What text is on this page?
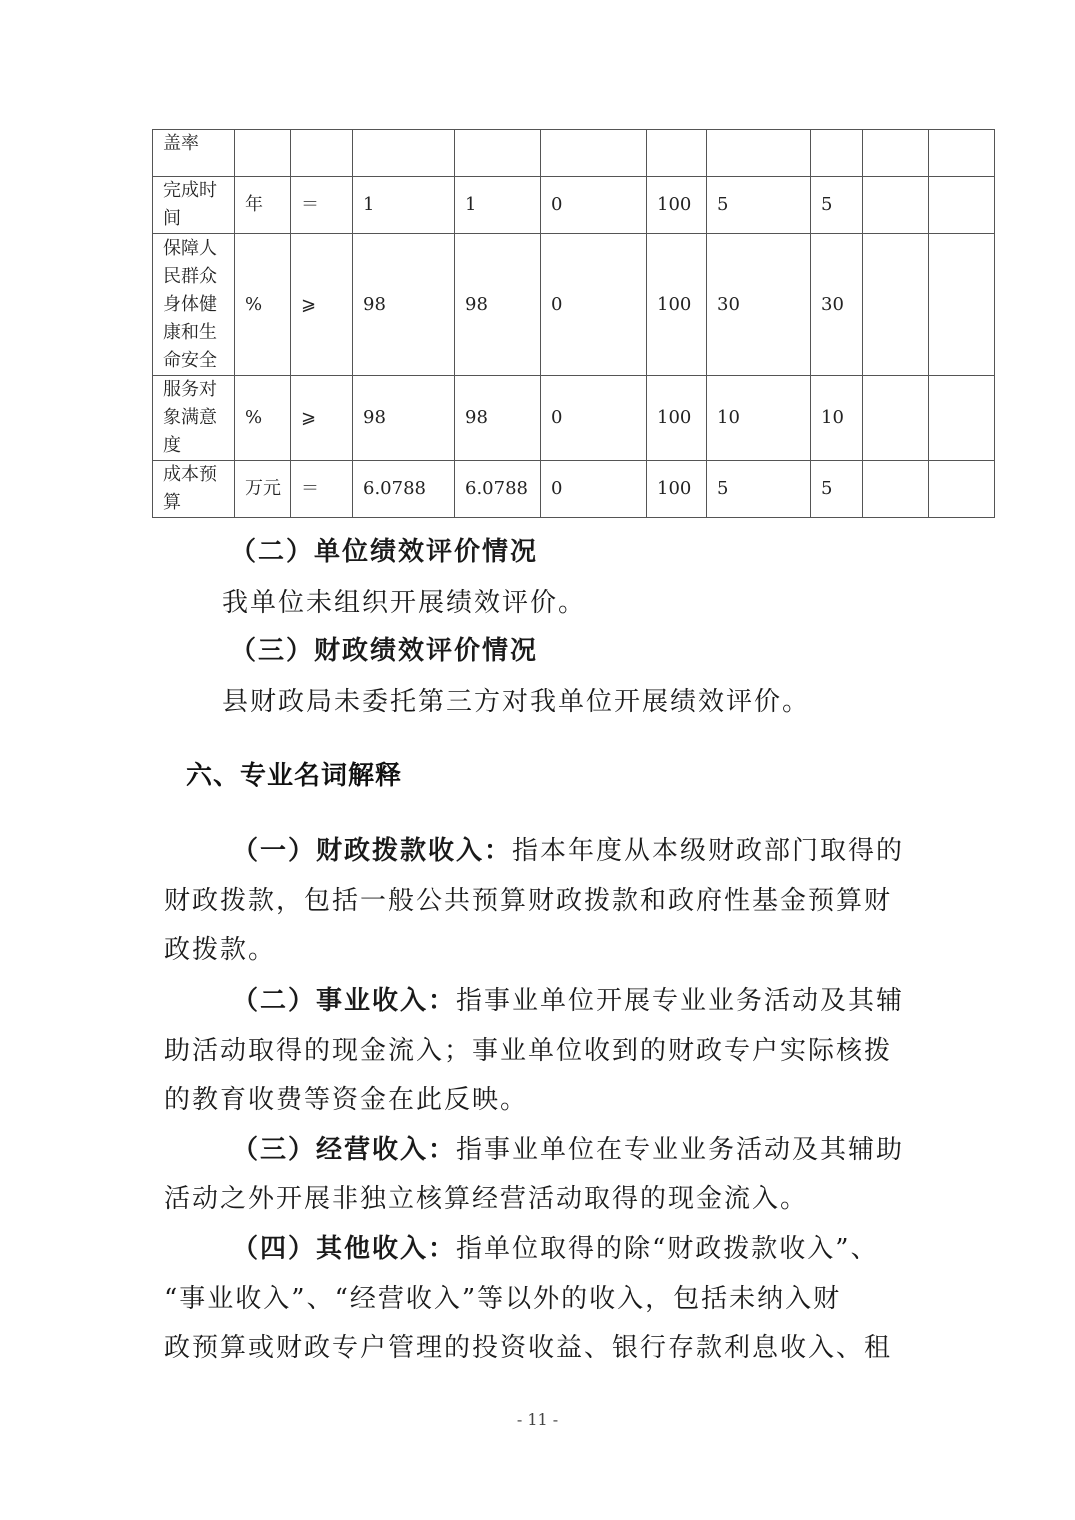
盖率										
完成时间	年	＝	1	1	0	100	5	5		
保障人民群众身体健康和生命安全	%	⩾	98	98	0	100	30	30		
服务对象满意度	%	⩾	98	98	0	100	10	10		
成本预算	万元	＝	6.0788	6.0788	0	100	5	5		
（二）单位绩效评价情况
我单位未组织开展绩效评价。
（三）财政绩效评价情况
县财政局未委托第三方对我单位开展绩效评价。
六、专业名词解释
（一）财政拨款收入：指本年度从本级财政部门取得的
财政拨款，包括一般公共预算财政拨款和政府性基金预算财
政拨款。
（二）事业收入：指事业单位开展专业业务活动及其辅
助活动取得的现金流入；事业单位收到的财政专户实际核拨
的教育收费等资金在此反映。
（三）经营收入：指事业单位在专业业务活动及其辅助
活动之外开展非独立核算经营活动取得的现金流入。
（四）其他收入：指单位取得的除“财政拨款收入”、
“事业收入”、“经营收入”等以外的收入，包括未纳入财
政预算或财政专户管理的投资收益、银行存款利息收入、租
- 11 -
